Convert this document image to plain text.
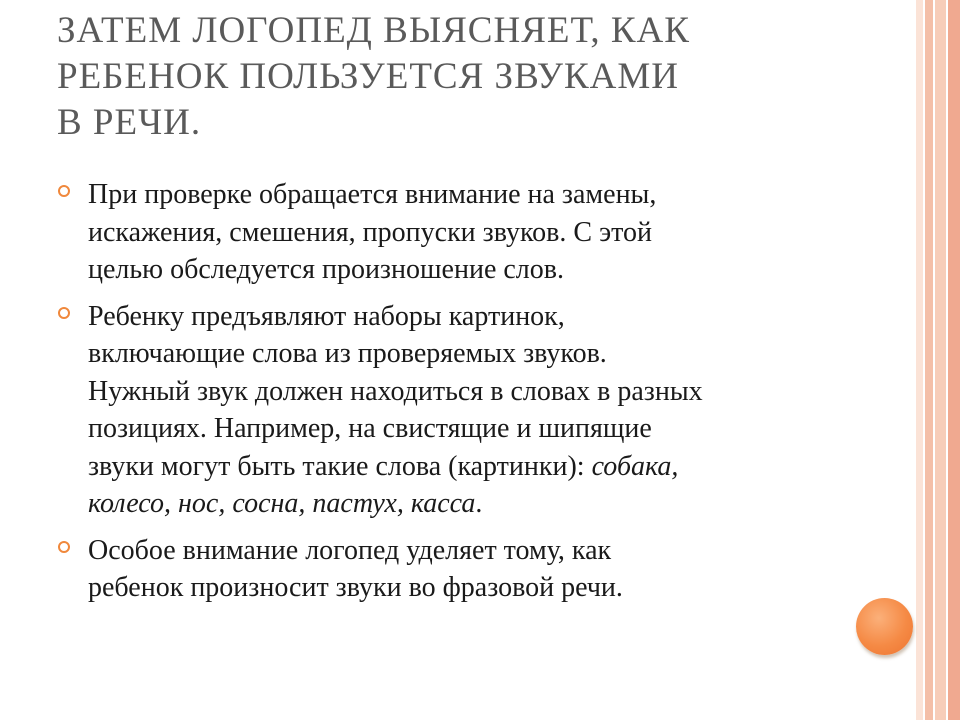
ЗАТЕМ ЛОГОПЕД ВЫЯСНЯЕТ, КАК
РЕБЕНОК ПОЛЬЗУЕТСЯ ЗВУКАМИ
В РЕЧИ.
При проверке обращается внимание на замены,
искажения, смешения, пропуски звуков. С этой
целью обследуется произношение слов.
Ребенку предъявляют наборы картинок,
включающие слова из проверяемых звуков.
Нужный звук должен находиться в словах в разных
позициях. Например, на свистящие и шипящие
звуки могут быть такие слова (картинки): собака,
колесо, нос, сосна, пастух, касса.
Особое внимание логопед уделяет тому, как
ребенок произносит звуки во фразовой речи.
